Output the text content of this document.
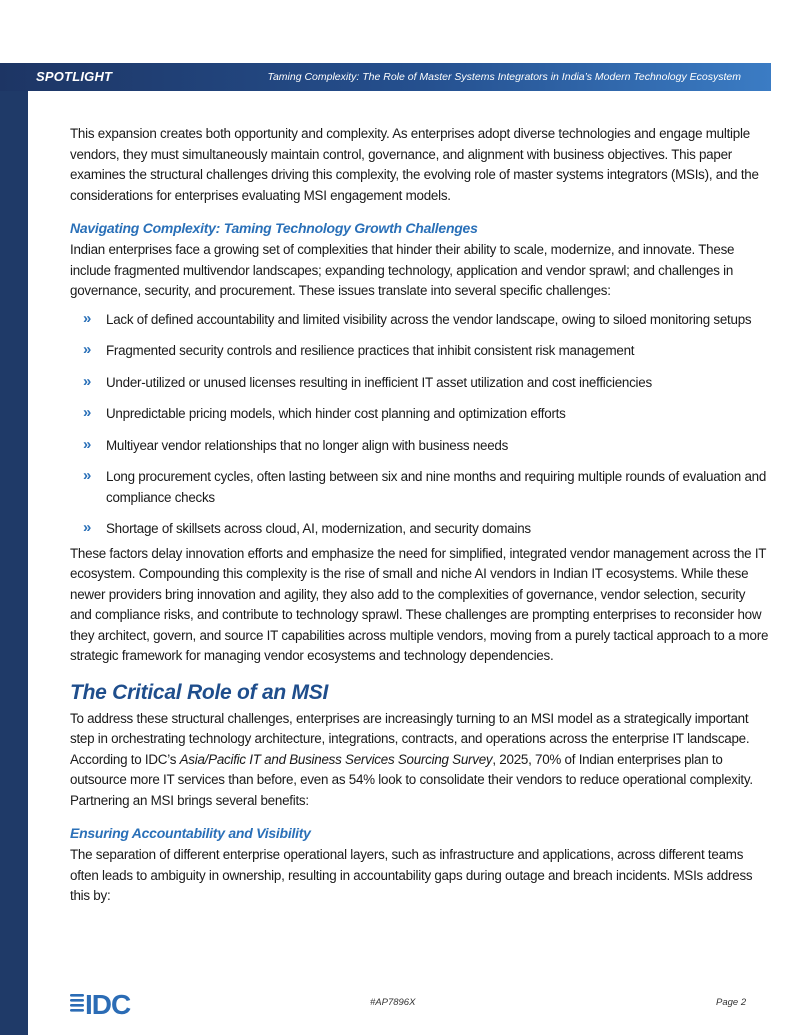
SPOTLIGHT	Taming Complexity: The Role of Master Systems Integrators in India’s Modern Technology Ecosystem

This expansion creates both opportunity and complexity. As enterprises adopt diverse technologies and engage multiple vendors, they must simultaneously maintain control, governance, and alignment with business objectives. This paper examines the structural challenges driving this complexity, the evolving role of master systems integrators (MSIs), and the considerations for enterprises evaluating MSI engagement models.

Navigating Complexity: Taming Technology Growth Challenges

Indian enterprises face a growing set of complexities that hinder their ability to scale, modernize, and innovate. These include fragmented multivendor landscapes; expanding technology, application and vendor sprawl; and challenges in governance, security, and procurement. These issues translate into several specific challenges:

» Lack of defined accountability and limited visibility across the vendor landscape, owing to siloed monitoring setups
» Fragmented security controls and resilience practices that inhibit consistent risk management
» Under-utilized or unused licenses resulting in inefficient IT asset utilization and cost inefficiencies
» Unpredictable pricing models, which hinder cost planning and optimization efforts
» Multiyear vendor relationships that no longer align with business needs
» Long procurement cycles, often lasting between six and nine months and requiring multiple rounds of evaluation and compliance checks
» Shortage of skillsets across cloud, AI, modernization, and security domains

These factors delay innovation efforts and emphasize the need for simplified, integrated vendor management across the IT ecosystem. Compounding this complexity is the rise of small and niche AI vendors in Indian IT ecosystems. While these newer providers bring innovation and agility, they also add to the complexities of governance, vendor selection, security and compliance risks, and contribute to technology sprawl. These challenges are prompting enterprises to reconsider how they architect, govern, and source IT capabilities across multiple vendors, moving from a purely tactical approach to a more strategic framework for managing vendor ecosystems and technology dependencies.

The Critical Role of an MSI

To address these structural challenges, enterprises are increasingly turning to an MSI model as a strategically important step in orchestrating technology architecture, integrations, contracts, and operations across the enterprise IT landscape. According to IDC’s Asia/Pacific IT and Business Services Sourcing Survey, 2025, 70% of Indian enterprises plan to outsource more IT services than before, even as 54% look to consolidate their vendors to reduce operational complexity. Partnering an MSI brings several benefits:

Ensuring Accountability and Visibility

The separation of different enterprise operational layers, such as infrastructure and applications, across different teams often leads to ambiguity in ownership, resulting in accountability gaps during outage and breach incidents. MSIs address this by:

IDC	#AP7896X	Page 2
